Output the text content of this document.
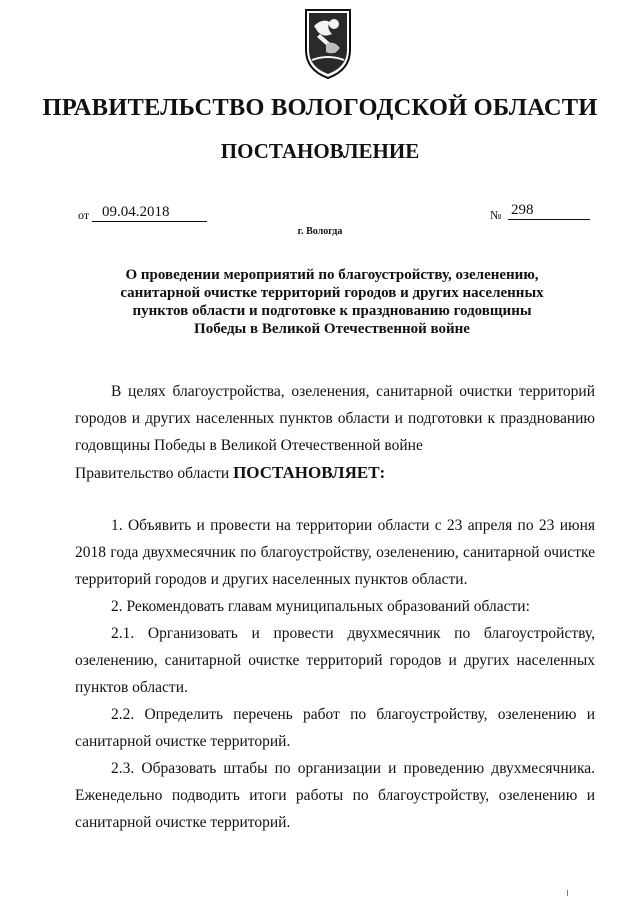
ПРАВИТЕЛЬСТВО ВОЛОГОДСКОЙ ОБЛАСТИ
ПОСТАНОВЛЕНИЕ
от 09.04.2018	№ 298
г. Вологда
О проведении мероприятий по благоустройству, озеленению, санитарной очистке территорий городов и других населенных пунктов области и подготовке к празднованию годовщины Победы в Великой Отечественной войне
В целях благоустройства, озеленения, санитарной очистки территорий городов и других населенных пунктов области и подготовки к празднованию годовщины Победы в Великой Отечественной войне
Правительство области ПОСТАНОВЛЯЕТ:
1. Объявить и провести на территории области с 23 апреля по 23 июня 2018 года двухмесячник по благоустройству, озеленению, санитарной очистке территорий городов и других населенных пунктов области.
2. Рекомендовать главам муниципальных образований области:
2.1. Организовать и провести двухмесячник по благоустройству, озеленению, санитарной очистке территорий городов и других населенных пунктов области.
2.2. Определить перечень работ по благоустройству, озеленению и санитарной очистке территорий.
2.3. Образовать штабы по организации и проведению двухмесячника. Еженедельно подводить итоги работы по благоустройству, озеленению и санитарной очистке территорий.
